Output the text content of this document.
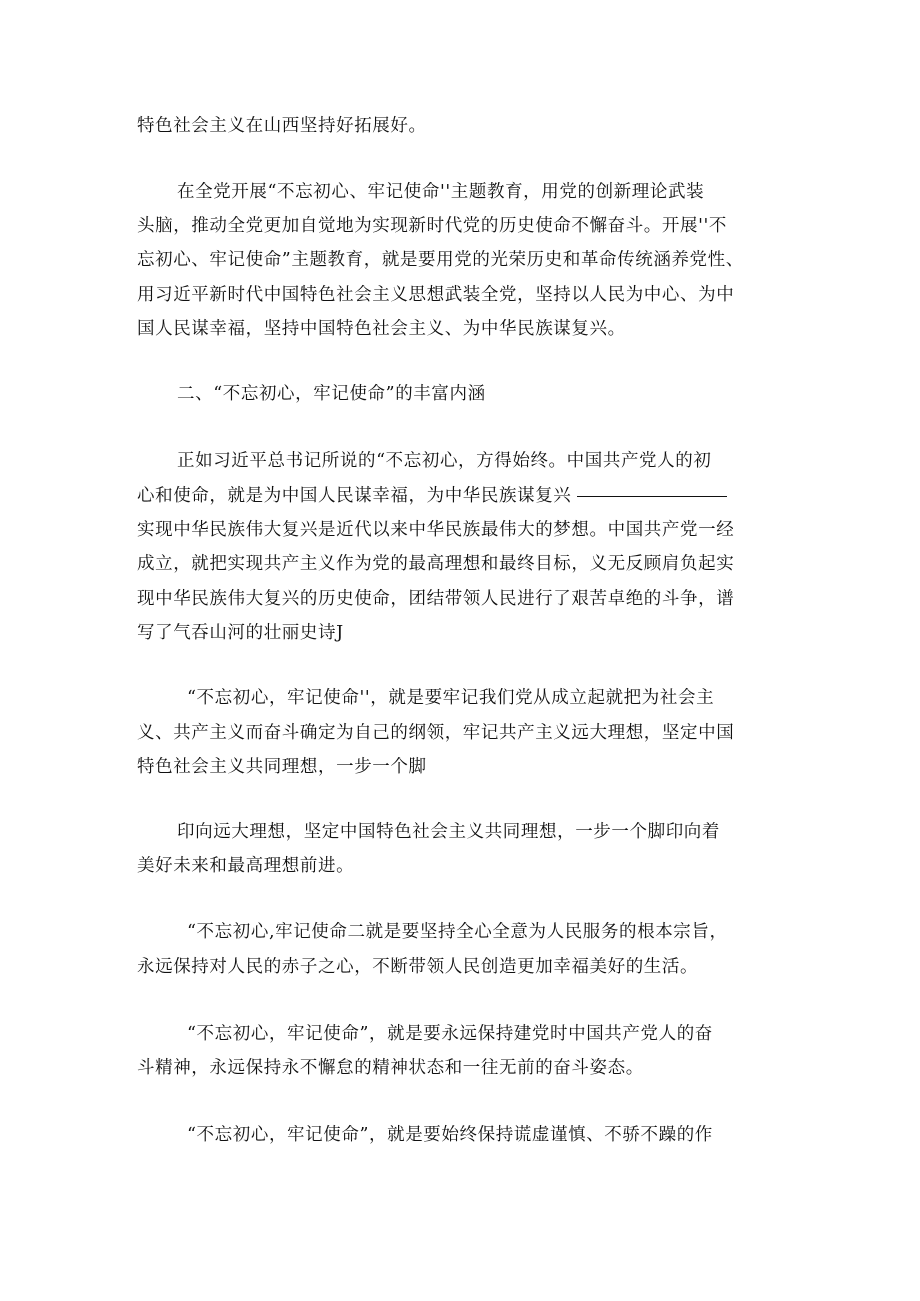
特色社会主义在山西坚持好拓展好。
在全党开展“不忘初心、牢记使命''主题教育，用党的创新理论武装
头脑，推动全党更加自觉地为实现新时代党的历史使命不懈奋斗。开展''不
忘初心、牢记使命”主题教育，就是要用党的光荣历史和革命传统涵养党性、
用习近平新时代中国特色社会主义思想武装全党，坚持以人民为中心、为中
国人民谋幸福，坚持中国特色社会主义、为中华民族谋复兴。
二、“不忘初心，牢记使命”的丰富内涵
正如习近平总书记所说的“不忘初心，方得始终。中国共产党人的初
心和使命，就是为中国人民谋幸福，为中华民族谋复兴
实现中华民族伟大复兴是近代以来中华民族最伟大的梦想。中国共产党一经
成立，就把实现共产主义作为党的最高理想和最终目标，义无反顾肩负起实
现中华民族伟大复兴的历史使命，团结带领人民进行了艰苦卓绝的斗争，谱
写了气吞山河的壮丽史诗J
“不忘初心，牢记使命''，就是要牢记我们党从成立起就把为社会主
义、共产主义而奋斗确定为自己的纲领，牢记共产主义远大理想，坚定中国
特色社会主义共同理想，一步一个脚
印向远大理想，坚定中国特色社会主义共同理想，一步一个脚印向着
美好未来和最高理想前进。
“不忘初心,牢记使命二就是要坚持全心全意为人民服务的根本宗旨，
永远保持对人民的赤子之心，不断带领人民创造更加幸福美好的生活。
“不忘初心，牢记使命”，就是要永远保持建党时中国共产党人的奋
斗精神，永远保持永不懈怠的精神状态和一往无前的奋斗姿态。
“不忘初心，牢记使命”，就是要始终保持谎虚谨慎、不骄不躁的作
